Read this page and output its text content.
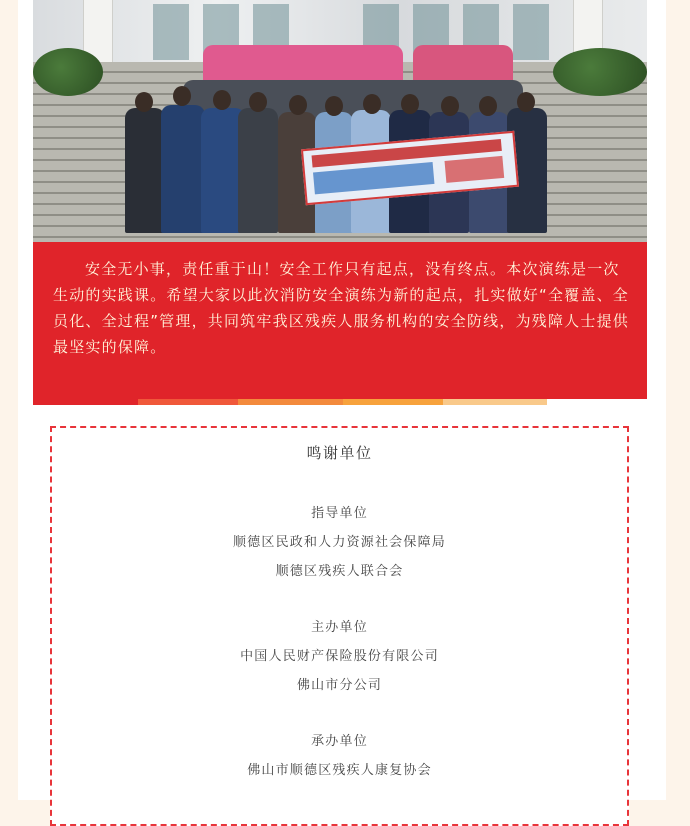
安全无小事，责任重于山！安全工作只有起点，没有终点。本次演练是一次生动的实践课。希望大家以此次消防安全演练为新的起点，扎实做好“全覆盖、全员化、全过程”管理，共同筑牢我区残疾人服务机构的安全防线，为残障人士提供最坚实的保障。

鸣谢单位
指导单位
顺德区民政和人力资源社会保障局
顺德区残疾人联合会
主办单位
中国人民财产保险股份有限公司
佛山市分公司
承办单位
佛山市顺德区残疾人康复协会
